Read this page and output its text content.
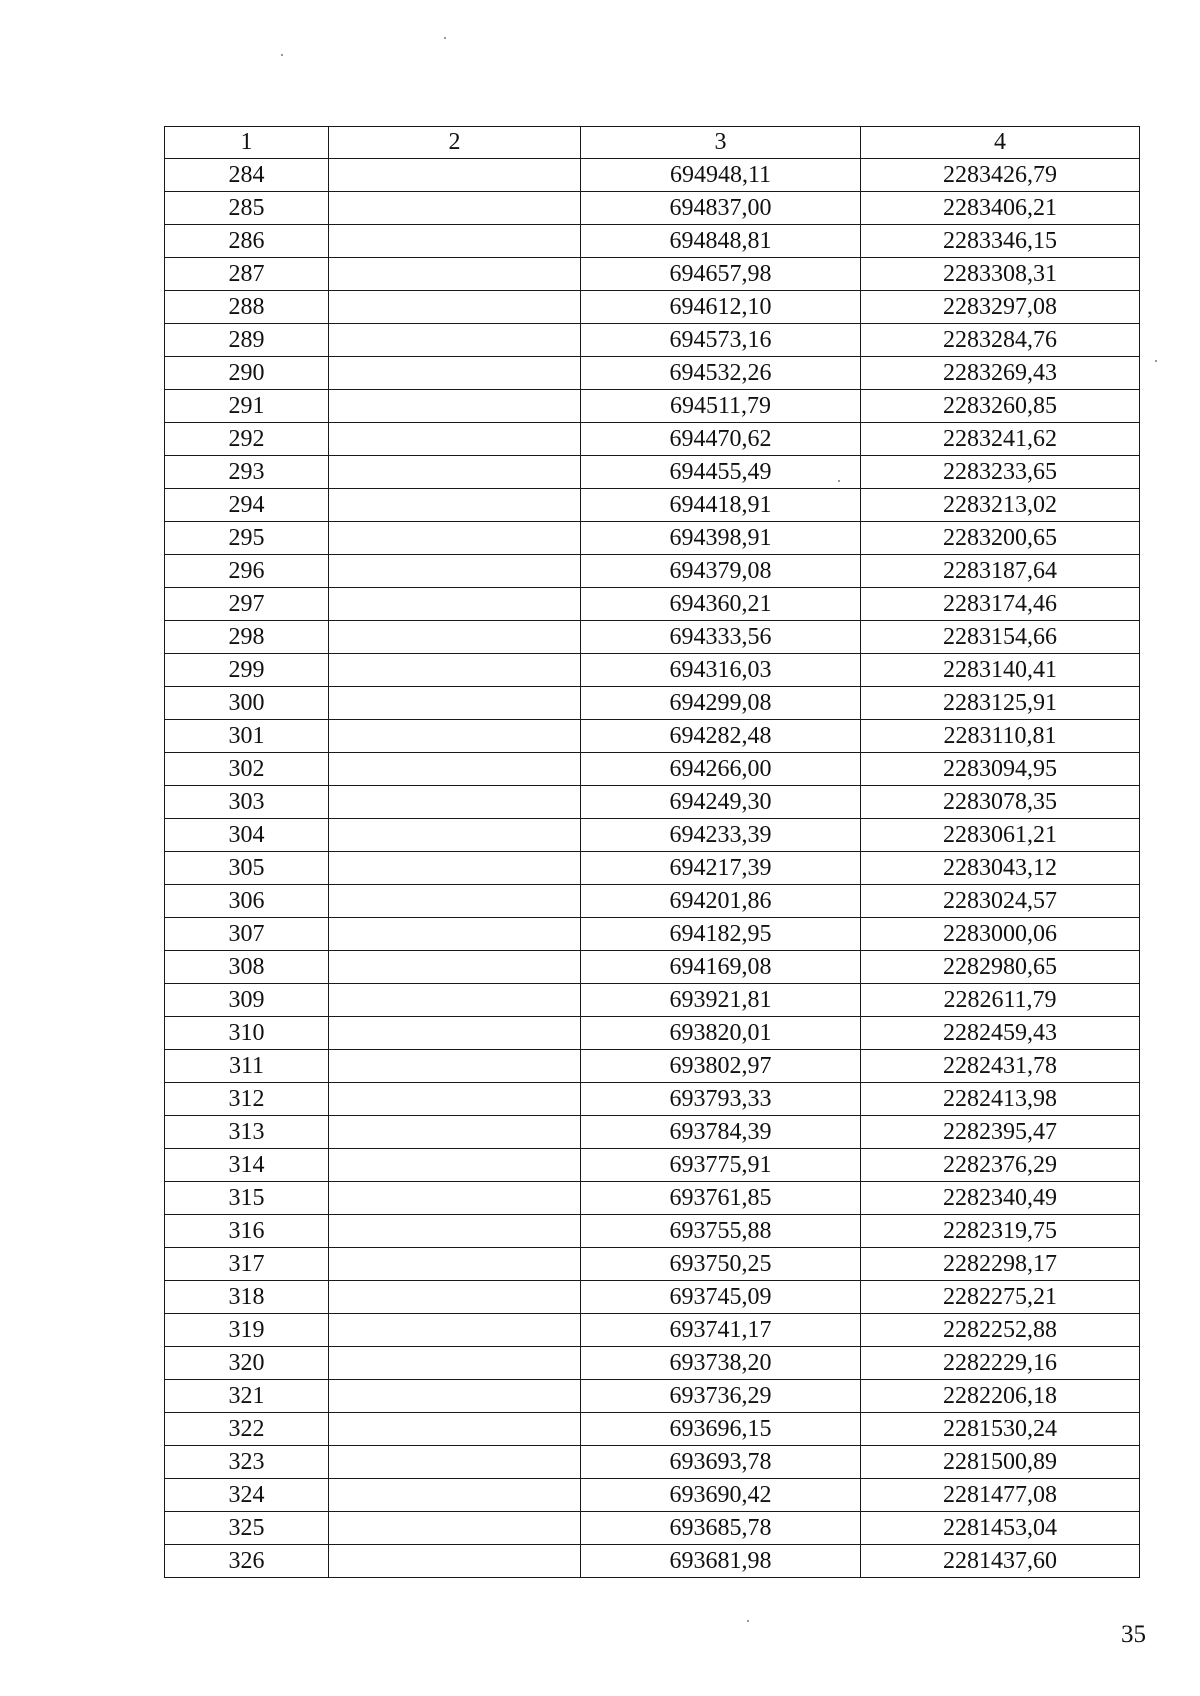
1	2	3	4
284		694948,11	2283426,79
285		694837,00	2283406,21
286		694848,81	2283346,15
287		694657,98	2283308,31
288		694612,10	2283297,08
289		694573,16	2283284,76
290		694532,26	2283269,43
291		694511,79	2283260,85
292		694470,62	2283241,62
293		694455,49	2283233,65
294		694418,91	2283213,02
295		694398,91	2283200,65
296		694379,08	2283187,64
297		694360,21	2283174,46
298		694333,56	2283154,66
299		694316,03	2283140,41
300		694299,08	2283125,91
301		694282,48	2283110,81
302		694266,00	2283094,95
303		694249,30	2283078,35
304		694233,39	2283061,21
305		694217,39	2283043,12
306		694201,86	2283024,57
307		694182,95	2283000,06
308		694169,08	2282980,65
309		693921,81	2282611,79
310		693820,01	2282459,43
311		693802,97	2282431,78
312		693793,33	2282413,98
313		693784,39	2282395,47
314		693775,91	2282376,29
315		693761,85	2282340,49
316		693755,88	2282319,75
317		693750,25	2282298,17
318		693745,09	2282275,21
319		693741,17	2282252,88
320		693738,20	2282229,16
321		693736,29	2282206,18
322		693696,15	2281530,24
323		693693,78	2281500,89
324		693690,42	2281477,08
325		693685,78	2281453,04
326		693681,98	2281437,60
35
